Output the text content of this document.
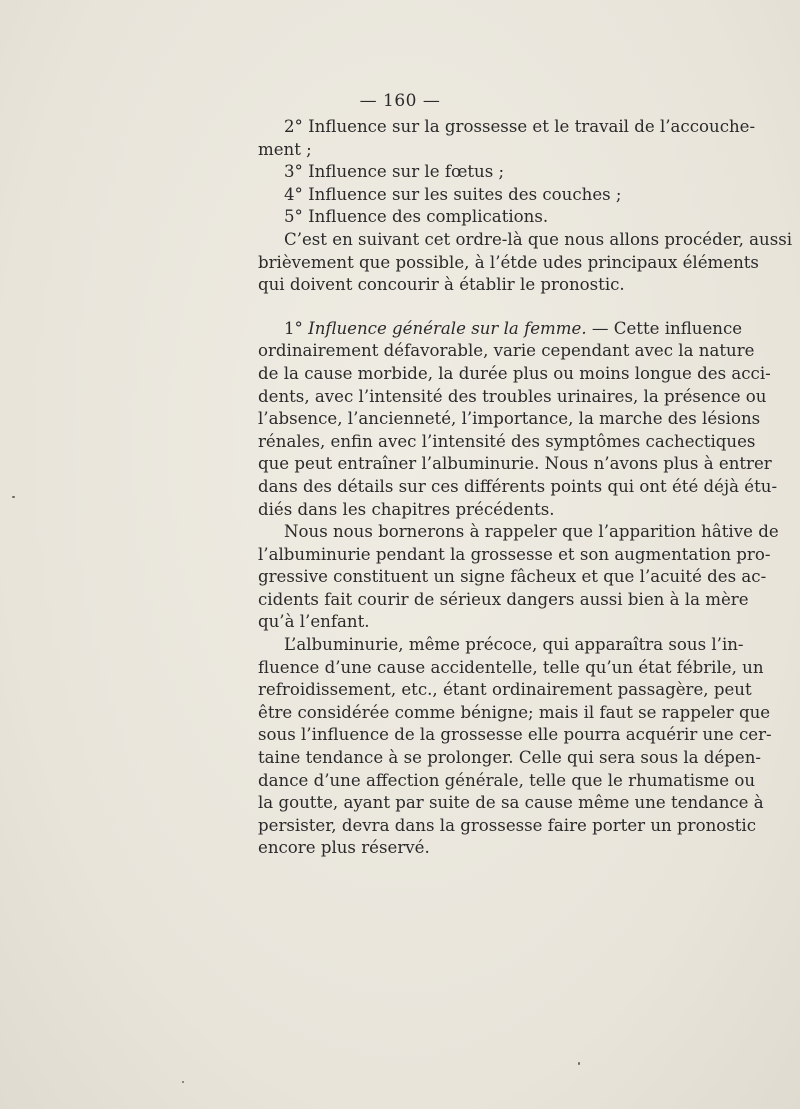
— 160 —
2° Influence sur la grossesse et le travail de l’accouche-
ment ;
3° Influence sur le fœtus ;
4° Influence sur les suites des couches ;
5° Influence des complications.
C’est en suivant cet ordre-là que nous allons procéder, aussi
brièvement que possible, à l’étde udes principaux éléments
qui doivent concourir à établir le pronostic.
1° Influence générale sur la femme. — Cette influence
ordinairement défavorable, varie cependant avec la nature
de la cause morbide, la durée plus ou moins longue des acci-
dents, avec l’intensité des troubles urinaires, la présence ou
l’absence, l’ancienneté, l’importance, la marche des lésions
rénales, enfin avec l’intensité des symptômes cachectiques
que peut entraîner l’albuminurie. Nous n’avons plus à entrer
dans des détails sur ces différents points qui ont été déjà étu-
diés dans les chapitres précédents.
Nous nous bornerons à rappeler que l’apparition hâtive de
l’albuminurie pendant la grossesse et son augmentation pro-
gressive constituent un signe fâcheux et que l’acuité des ac-
cidents fait courir de sérieux dangers aussi bien à la mère
qu’à l’enfant.
L’albuminurie, même précoce, qui apparaîtra sous l’in-
fluence d’une cause accidentelle, telle qu’un état fébrile, un
refroidissement, etc., étant ordinairement passagère, peut
être considérée comme bénigne; mais il faut se rappeler que
sous l’influence de la grossesse elle pourra acquérir une cer-
taine tendance à se prolonger. Celle qui sera sous la dépen-
dance d’une affection générale, telle que le rhumatisme ou
la goutte, ayant par suite de sa cause même une tendance à
persister, devra dans la grossesse faire porter un pronostic
encore plus réservé.
